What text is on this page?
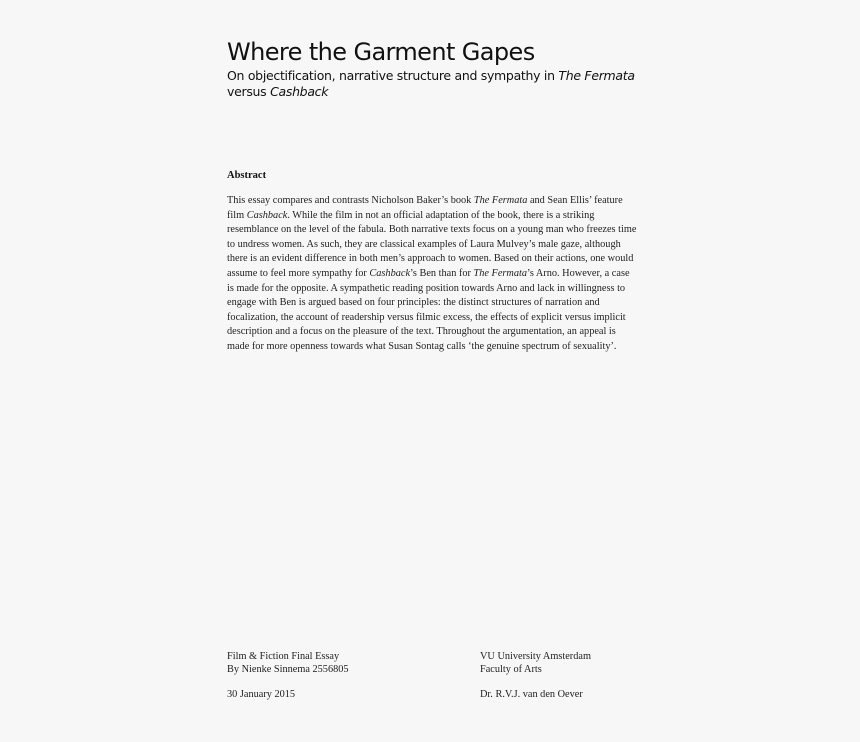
Where the Garment Gapes
On objectification, narrative structure and sympathy in The Fermata versus Cashback
Abstract
This essay compares and contrasts Nicholson Baker’s book The Fermata and Sean Ellis’ feature film Cashback. While the film in not an official adaptation of the book, there is a striking resemblance on the level of the fabula. Both narrative texts focus on a young man who freezes time to undress women. As such, they are classical examples of Laura Mulvey’s male gaze, although there is an evident difference in both men’s approach to women. Based on their actions, one would assume to feel more sympathy for Cashback’s Ben than for The Fermata’s Arno. However, a case is made for the opposite. A sympathetic reading position towards Arno and lack in willingness to engage with Ben is argued based on four principles: the distinct structures of narration and focalization, the account of readership versus filmic excess, the effects of explicit versus implicit description and a focus on the pleasure of the text. Throughout the argumentation, an appeal is made for more openness towards what Susan Sontag calls ‘the genuine spectrum of sexuality’.
Film & Fiction Final Essay
By Nienke Sinnema 2556805
30 January 2015
VU University Amsterdam
Faculty of Arts
Dr. R.V.J. van den Oever
